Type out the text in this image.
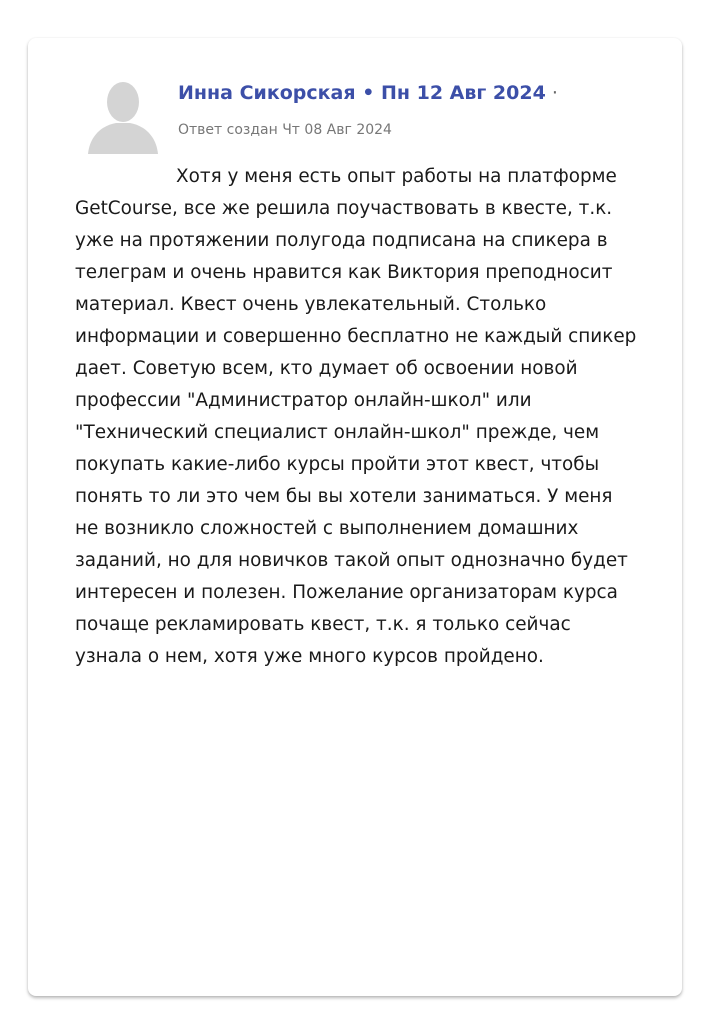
Инна Сикорская • Пн 12 Авг 2024 ·
Ответ создан Чт 08 Авг 2024
Хотя у меня есть опыт работы на платформе GetCourse, все же решила поучаствовать в квесте, т.к. уже на протяжении полугода подписана на спикера в телеграм и очень нравится как Виктория преподносит материал. Квест очень увлекательный. Столько информации и совершенно бесплатно не каждый спикер дает. Советую всем, кто думает об освоении новой профессии "Администратор онлайн-школ" или "Технический специалист онлайн-школ" прежде, чем покупать какие-либо курсы пройти этот квест, чтобы понять то ли это чем бы вы хотели заниматься. У меня не возникло сложностей с выполнением домашних заданий, но для новичков такой опыт однозначно будет интересен и полезен. Пожелание организаторам курса почаще рекламировать квест, т.к. я только сейчас узнала о нем, хотя уже много курсов пройдено.
